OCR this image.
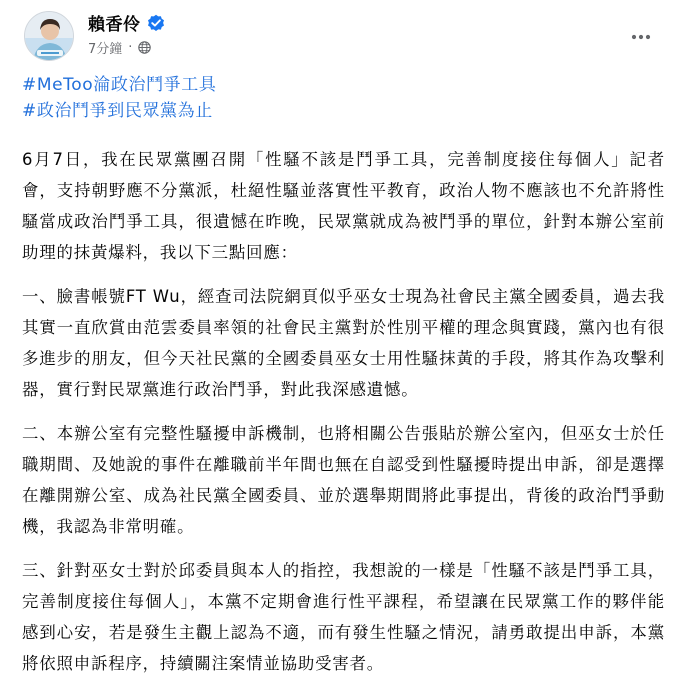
賴香伶
7分鐘 ·
#MeToo淪政治鬥爭工具
#政治鬥爭到民眾黨為止

6月7日，我在民眾黨團召開「性騷不該是鬥爭工具，完善制度接住每個人」記者會，支持朝野應不分黨派，杜絕性騷並落實性平教育，政治人物不應該也不允許將性騷當成政治鬥爭工具，很遺憾在昨晚，民眾黨就成為被鬥爭的單位，針對本辦公室前助理的抹黃爆料，我以下三點回應：

一、臉書帳號FT Wu，經查司法院網頁似乎巫女士現為社會民主黨全國委員，過去我其實一直欣賞由范雲委員率領的社會民主黨對於性別平權的理念與實踐，黨內也有很多進步的朋友，但今天社民黨的全國委員巫女士用性騷抹黃的手段，將其作為攻擊利器，實行對民眾黨進行政治鬥爭，對此我深感遺憾。

二、本辦公室有完整性騷擾申訴機制，也將相關公告張貼於辦公室內，但巫女士於任職期間、及她說的事件在離職前半年間也無在自認受到性騷擾時提出申訴，卻是選擇在離開辦公室、成為社民黨全國委員、並於選舉期間將此事提出，背後的政治鬥爭動機，我認為非常明確。

三、針對巫女士對於邱委員與本人的指控，我想說的一樣是「性騷不該是鬥爭工具，完善制度接住每個人」，本黨不定期會進行性平課程，希望讓在民眾黨工作的夥伴能感到心安，若是發生主觀上認為不適，而有發生性騷之情況，請勇敢提出申訴，本黨將依照申訴程序，持續關注案情並協助受害者。
